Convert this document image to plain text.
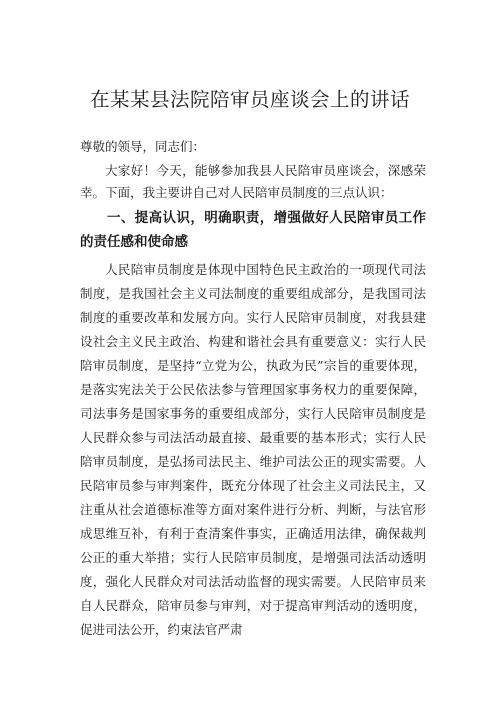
在某某县法院陪审员座谈会上的讲话

尊敬的领导，同志们：

大家好！今天，能够参加我县人民陪审员座谈会，深感荣幸。下面，我主要讲自己对人民陪审员制度的三点认识：

一、提高认识，明确职责，增强做好人民陪审员工作的责任感和使命感

人民陪审员制度是体现中国特色民主政治的一项现代司法制度，是我国社会主义司法制度的重要组成部分，是我国司法制度的重要改革和发展方向。实行人民陪审员制度，对我县建设社会主义民主政治、构建和谐社会具有重要意义：实行人民陪审员制度，是坚持“立党为公，执政为民”宗旨的重要体现，是落实宪法关于公民依法参与管理国家事务权力的重要保障，司法事务是国家事务的重要组成部分，实行人民陪审员制度是人民群众参与司法活动最直接、最重要的基本形式；实行人民陪审员制度，是弘扬司法民主、维护司法公正的现实需要。人民陪审员参与审判案件，既充分体现了社会主义司法民主，又注重从社会道德标准等方面对案件进行分析、判断，与法官形成思维互补，有利于查清案件事实，正确适用法律，确保裁判公正的重大举措；实行人民陪审员制度，是增强司法活动透明度，强化人民群众对司法活动监督的现实需要。人民陪审员来自人民群众，陪审员参与审判，对于提高审判活动的透明度，促进司法公开，约束法官严肃
